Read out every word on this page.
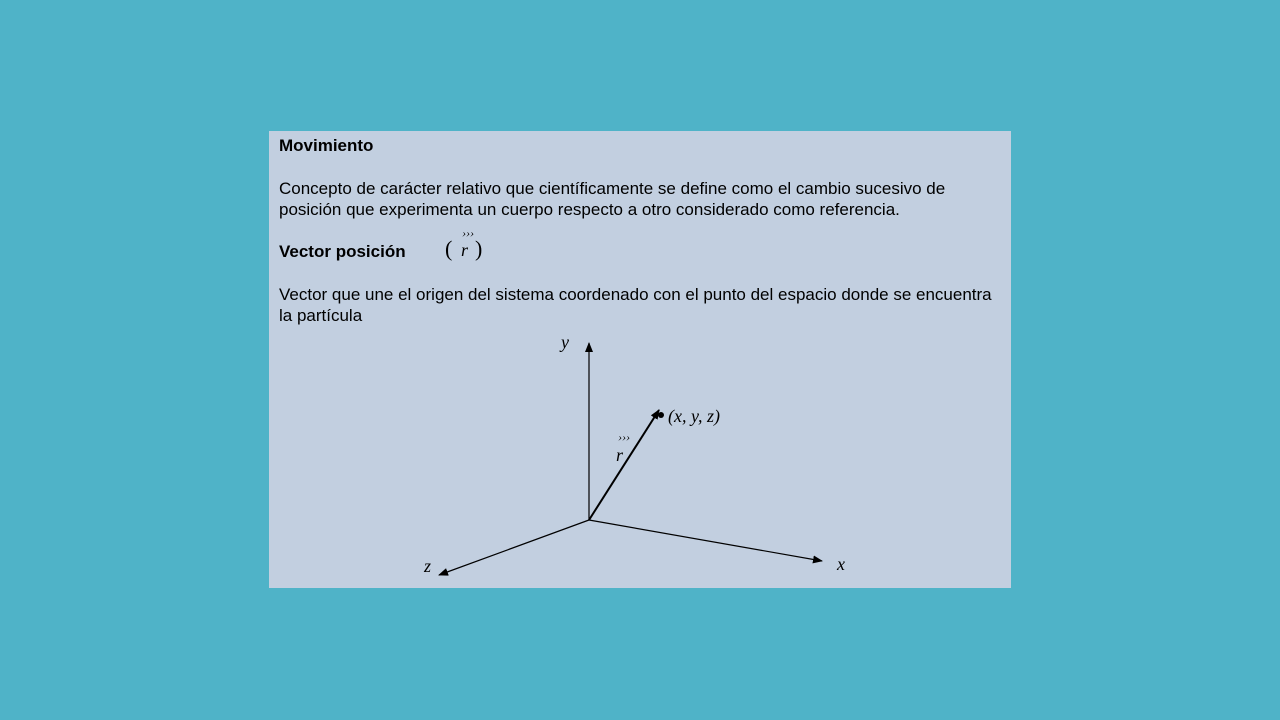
Movimiento

Concepto de carácter relativo que científicamente se define como el cambio sucesivo de posición que experimenta un cuerpo respecto a otro considerado como referencia.

Vector posición (
›››
r )

Vector que une el origen del sistema coordenado con el punto del espacio donde se encuentra la partícula

y
x
z
›››
r
(x, y, z)
